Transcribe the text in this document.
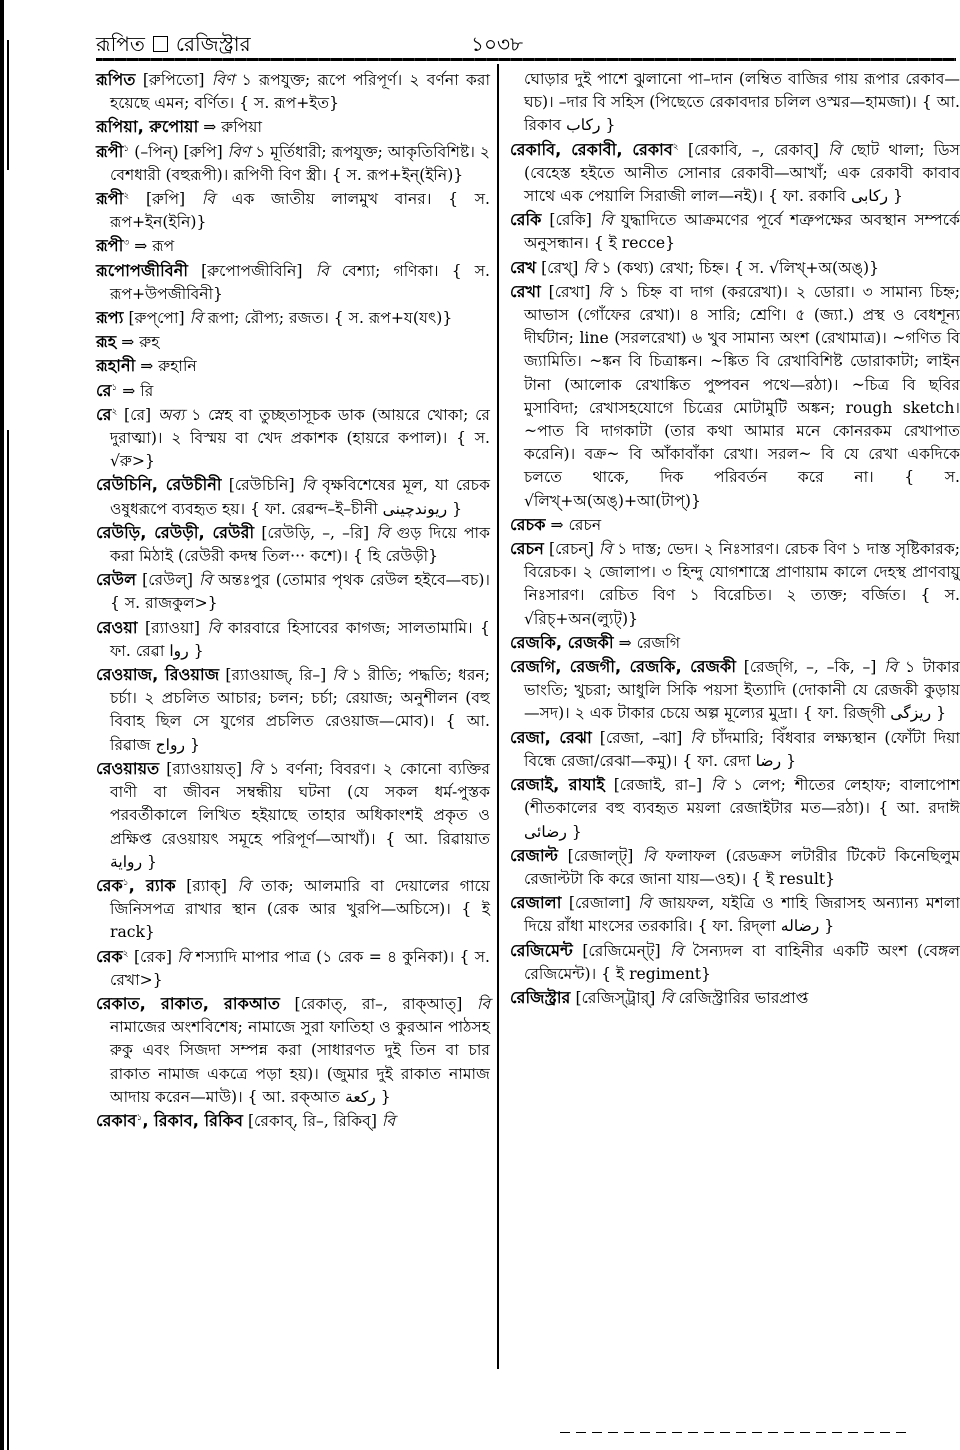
রূপিত রেজিস্ট্রার	১০৩৮

রূপিত [রুপিতো] বিণ ১ রূপযুক্ত; রূপে পরিপূর্ণ। ২ বর্ণনা করা হয়েছে এমন; বর্ণিত। { স. রূপ+ইত}

রূপিয়া, রুপোয়া ⇒ রুপিয়া

রূপী$^১$ (–পিন্) [রুপি] বিণ ১ মূর্তিধারী; রূপযুক্ত; আকৃতিবিশিষ্ট। ২ বেশধারী (বহুরূপী)। রূপিণী বিণ স্ত্রী। { স. রূপ+ইন্(ইনি)}

রূপী$^২$ [রুপি] বি এক জাতীয় লালমুখ বানর। { স. রূপ+ইন(ইনি)}

রূপী$^৩$ ⇒ রূপ

রূপোপজীবিনী [রুপোপজীবিনি] বি বেশ্যা; গণিকা। { স. রূপ+উপজীবিনী}

রূপ্য [রুপ্‌পো] বি রূপা; রৌপ্য; রজত। { স. রূপ+য(যৎ)}

রূহ ⇒ রুহ

রূহানী ⇒ রুহানি

রে$^১$ ⇒ রি

রে$^২$ [রে] অব্য ১ স্নেহ বা তুচ্ছতাসূচক ডাক (আয়রে খোকা; রে দুরাত্মা)। ২ বিস্ময় বা খেদ প্রকাশক (হায়রে কপাল)। { স. √রু>}

রেউচিনি, রেউচীনী [রেউচিনি] বি বৃক্ষবিশেষের মূল, যা রেচক ওষুধরূপে ব্যবহৃত হয়। { ফা. রেৱন্দ–ই–চীনী ريوندچينی }

রেউড়ি, রেউড়ী, রেউরী [রেউড়ি, –, –রি] বি গুড় দিয়ে পাক করা মিঠাই (রেউরী কদম্ব তিল··· কশে)। { হি রেউড়ী}

রেউল [রেউল্] বি অন্তঃপুর (তোমার পৃথক রেউল হইবে—বচ)। { স. রাজকুল>}

রেওয়া [র‍্যাওয়া] বি কারবারে হিসাবের কাগজ; সালতামামি। { ফা. রেৱা روا }

রেওয়াজ, রিওয়াজ [র‍্যাওয়াজ্, রি–] বি ১ রীতি; পদ্ধতি; ধরন; চর্চা। ২ প্রচলিত আচার; চলন; চর্চা; রেয়াজ; অনুশীলন (বহু বিবাহ ছিল সে যুগের প্রচলিত রেওয়াজ—মোব)। { আ. রিৱাজ رواج }

রেওয়ায়ত [র‍্যাওয়ায়ত্] বি ১ বর্ণনা; বিবরণ। ২ কোনো ব্যক্তির বাণী বা জীবন সম্বন্ধীয় ঘটনা (যে সকল ধর্ম-পুস্তক পরবর্তীকালে লিখিত হইয়াছে তাহার অধিকাংশই প্রকৃত ও প্রক্ষিপ্ত রেওয়ায়ৎ সমূহে পরিপূর্ণ—আখাঁ)। { আ. রিৱায়াত رواية }

রেক$^১$, র‍্যাক [র‍্যাক্] বি তাক; আলমারি বা দেয়ালের গায়ে জিনিসপত্র রাখার স্থান (রেক আর খুরপি—অচিসে)। { ই rack}

রেক$^২$ [রেক] বি শস্যাদি মাপার পাত্র (১ রেক = ৪ কুনিকা)। { স. রেখা>}

রেকাত, রাকাত, রাকআত [রেকাত্, রা–, রাক্‌আত্] বি নামাজের অংশবিশেষ; নামাজে সুরা ফাতিহা ও কুরআন পাঠসহ রুকু এবং সিজদা সম্পন্ন করা (সাধারণত দুই তিন বা চার রাকাত নামাজ একত্রে পড়া হয়)। (জুমার দুই রাকাত নামাজ আদায় করেন—মাউ)। { আ. রক্‌আত ركعة }

রেকাব$^১$, রিকাব, রিকিব [রেকাব্, রি–, রিকিব্] বি

ঘোড়ার দুই পাশে ঝুলানো পা–দান (লম্বিত বাজির গায় রূপার রেকাব—ঘচ)। –দার বি সহিস (পিছেতে রেকাবদার চলিল ওস্মর—হামজা)। { আ. রিকাব ركاب }

রেকাবি, রেকাবী, রেকাব$^২$ [রেকাবি, –, রেকাব্] বি ছোট থালা; ডিস (বেহেস্ত হইতে আনীত সোনার রেকাবী—আখাঁ; এক রেকাবী কাবাব সাথে এক পেয়ালি সিরাজী লাল—নই)। { ফা. রকাবি ركابی }

রেকি [রেকি] বি যুদ্ধাদিতে আক্রমণের পূর্বে শত্রুপক্ষের অবস্থান সম্পর্কে অনুসন্ধান। { ই recce}

রেখ [রেখ্] বি ১ (কথ্য) রেখা; চিহ্ন। { স. √লিখ্+অ(অঙ্)}

রেখা [রেখা] বি ১ চিহ্ন বা দাগ (কররেখা)। ২ ডোরা। ৩ সামান্য চিহ্ন; আভাস (গোঁফের রেখা)। ৪ সারি; শ্রেণি। ৫ (জ্যা.) প্রস্থ ও বেধশূন্য দীর্ঘটান; line (সরলরেখা) ৬ খুব সামান্য অংশ (রেখামাত্র)। ~গণিত বি জ্যামিতি। ~ঙ্কন বি চিত্রাঙ্কন। ~ঙ্কিত বি রেখাবিশিষ্ট ডোরাকাটা; লাইন টানা (আলোক রেখাঙ্কিত পুষ্পবন পথে—রঠা)। ~চিত্র বি ছবির মুসাবিদা; রেখাসহযোগে চিত্রের মোটামুটি অঙ্কন; rough sketch। ~পাত বি দাগকাটা (তার কথা আমার মনে কোনরকম রেখাপাত করেনি)। বক্র~ বি আঁকাবাঁকা রেখা। সরল~ বি যে রেখা একদিকে চলতে থাকে, দিক পরিবর্তন করে না। { স. √লিখ্+অ(অঙ্)+আ(টাপ্)}

রেচক ⇒ রেচন

রেচন [রেচন্] বি ১ দাস্ত; ভেদ। ২ নিঃসারণ। রেচক বিণ ১ দাস্ত সৃষ্টিকারক; বিরেচক। ২ জোলাপ। ৩ হিন্দু যোগশাস্ত্রে প্রাণায়াম কালে দেহস্থ প্রাণবায়ু নিঃসারণ। রেচিত বিণ ১ বিরেচিত। ২ ত্যক্ত; বর্জিত। { স. √রিচ্+অন(ল্যুট্)}

রেজকি, রেজকী ⇒ রেজগি

রেজগি, রেজগী, রেজকি, রেজকী [রেজ্‌গি, –, –কি, –] বি ১ টাকার ভাংতি; খুচরা; আধুলি সিকি পয়সা ইত্যাদি (দোকানী যে রেজকী কুড়ায়—সদ)। ২ এক টাকার চেয়ে অল্প মূল্যের মুদ্রা। { ফা. রিজ্‌গী ریزگی }

রেজা, রেঝা [রেজা, –ঝা] বি চাঁদমারি; বিঁধবার লক্ষ্যস্থান (ফোঁটা দিয়া বিন্ধে রেজা/রেঝা—কমু)। { ফা. রেদা رضا }

রেজাই, রাযাই [রেজাই, রা–] বি ১ লেপ; শীতের লেহাফ; বালাপোশ (শীতকালের বহু ব্যবহৃত ময়লা রেজাইটার মত—রঠা)। { আ. রদাঈ رضائی }

রেজাল্ট [রেজাল্‌ট্] বি ফলাফল (রেডক্রস লটারীর টিকেট কিনেছিলুম রেজাল্টটা কি করে জানা যায়—ওহ)। { ই result}

রেজালা [রেজালা] বি জায়ফল, যইত্রি ও শাহি জিরাসহ অন্যান্য মশলা দিয়ে রাঁধা মাংসের তরকারি। { ফা. রিদ্‌লা رضاله }

রেজিমেন্ট [রেজিমেন্‌ট্] বি সৈন্যদল বা বাহিনীর একটি অংশ (বেঙ্গল রেজিমেন্ট)। { ই regiment}

রেজিস্ট্রার [রেজিস্‌ট্রার্] বি রেজিস্ট্রারির ভারপ্রাপ্ত
